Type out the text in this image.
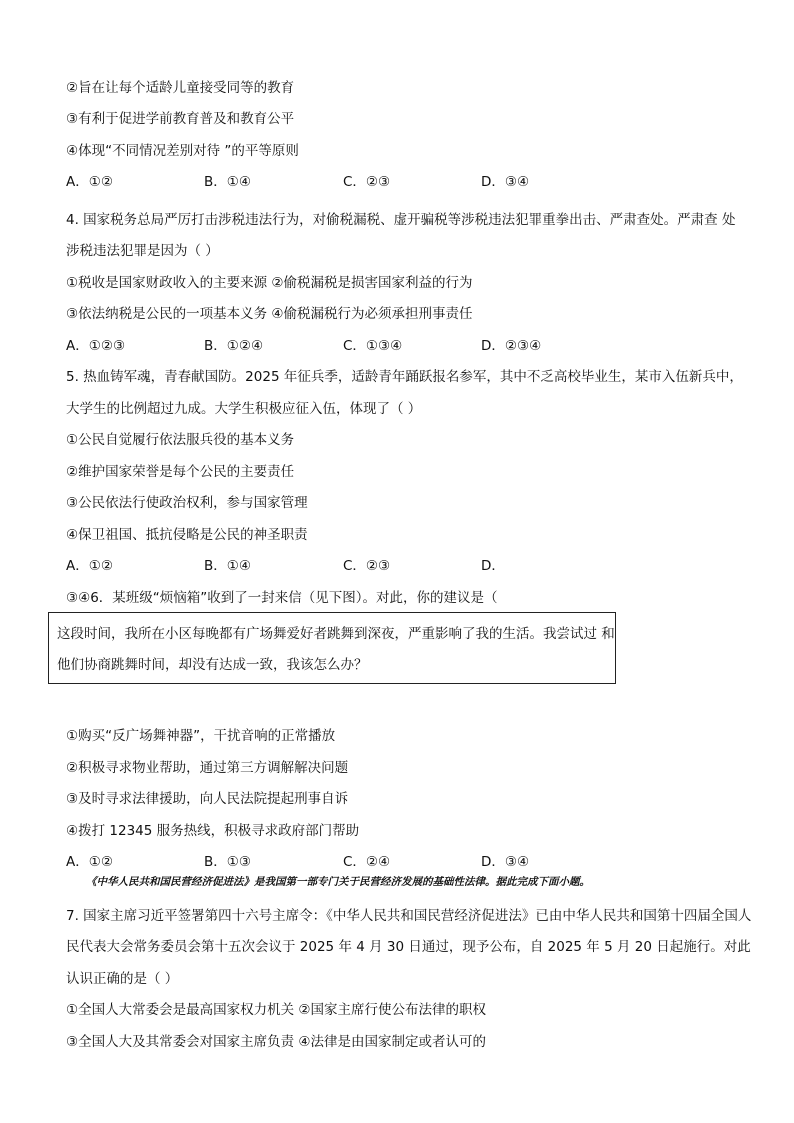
②旨在让每个适龄儿童接受同等的教育
③有利于促进学前教育普及和教育公平
④体现“不同情况差别对待 ”的平等原则
A．①②	B．①④	C．②③	D．③④
4. 国家税务总局严厉打击涉税违法行为，对偷税漏税、虚开骗税等涉税违法犯罪重拳出击、严肃查处。严肃查 处
涉税违法犯罪是因为（ ）
①税收是国家财政收入的主要来源 ②偷税漏税是损害国家利益的行为
③依法纳税是公民的一项基本义务 ④偷税漏税行为必须承担刑事责任
A．①②③	B．①②④	C．①③④	D．②③④
5. 热血铸军魂，青春献国防。2025 年征兵季，适龄青年踊跃报名参军，其中不乏高校毕业生，某市入伍新兵中，
大学生的比例超过九成。大学生积极应征入伍，体现了（ ）
①公民自觉履行依法服兵役的基本义务
②维护国家荣誉是每个公民的主要责任
③公民依法行使政治权利，参与国家管理
④保卫祖国、抵抗侵略是公民的神圣职责
A．①②	B．①④	C．②③	D．
③④6．某班级“烦恼箱”收到了一封来信（见下图）。对此，你的建议是（
这段时间，我所在小区每晚都有广场舞爱好者跳舞到深夜，严重影响了我的生活。我尝试过 和
他们协商跳舞时间，却没有达成一致，我该怎么办？
①购买“反广场舞神器”，干扰音响的正常播放
②积极寻求物业帮助，通过第三方调解解决问题
③及时寻求法律援助，向人民法院提起刑事自诉
④拨打 12345 服务热线，积极寻求政府部门帮助
A．①②	B．①③	C．②④	D．③④
《中华人民共和国民营经济促进法》是我国第一部专门关于民营经济发展的基础性法律。据此完成下面小题。
7. 国家主席习近平签署第四十六号主席令：《中华人民共和国民营经济促进法》已由中华人民共和国第十四届全国人
民代表大会常务委员会第十五次会议于 2025 年 4 月 30 日通过，现予公布，自 2025 年 5 月 20 日起施行。对此
认识正确的是（ ）
①全国人大常委会是最高国家权力机关 ②国家主席行使公布法律的职权
③全国人大及其常委会对国家主席负责 ④法律是由国家制定或者认可的
